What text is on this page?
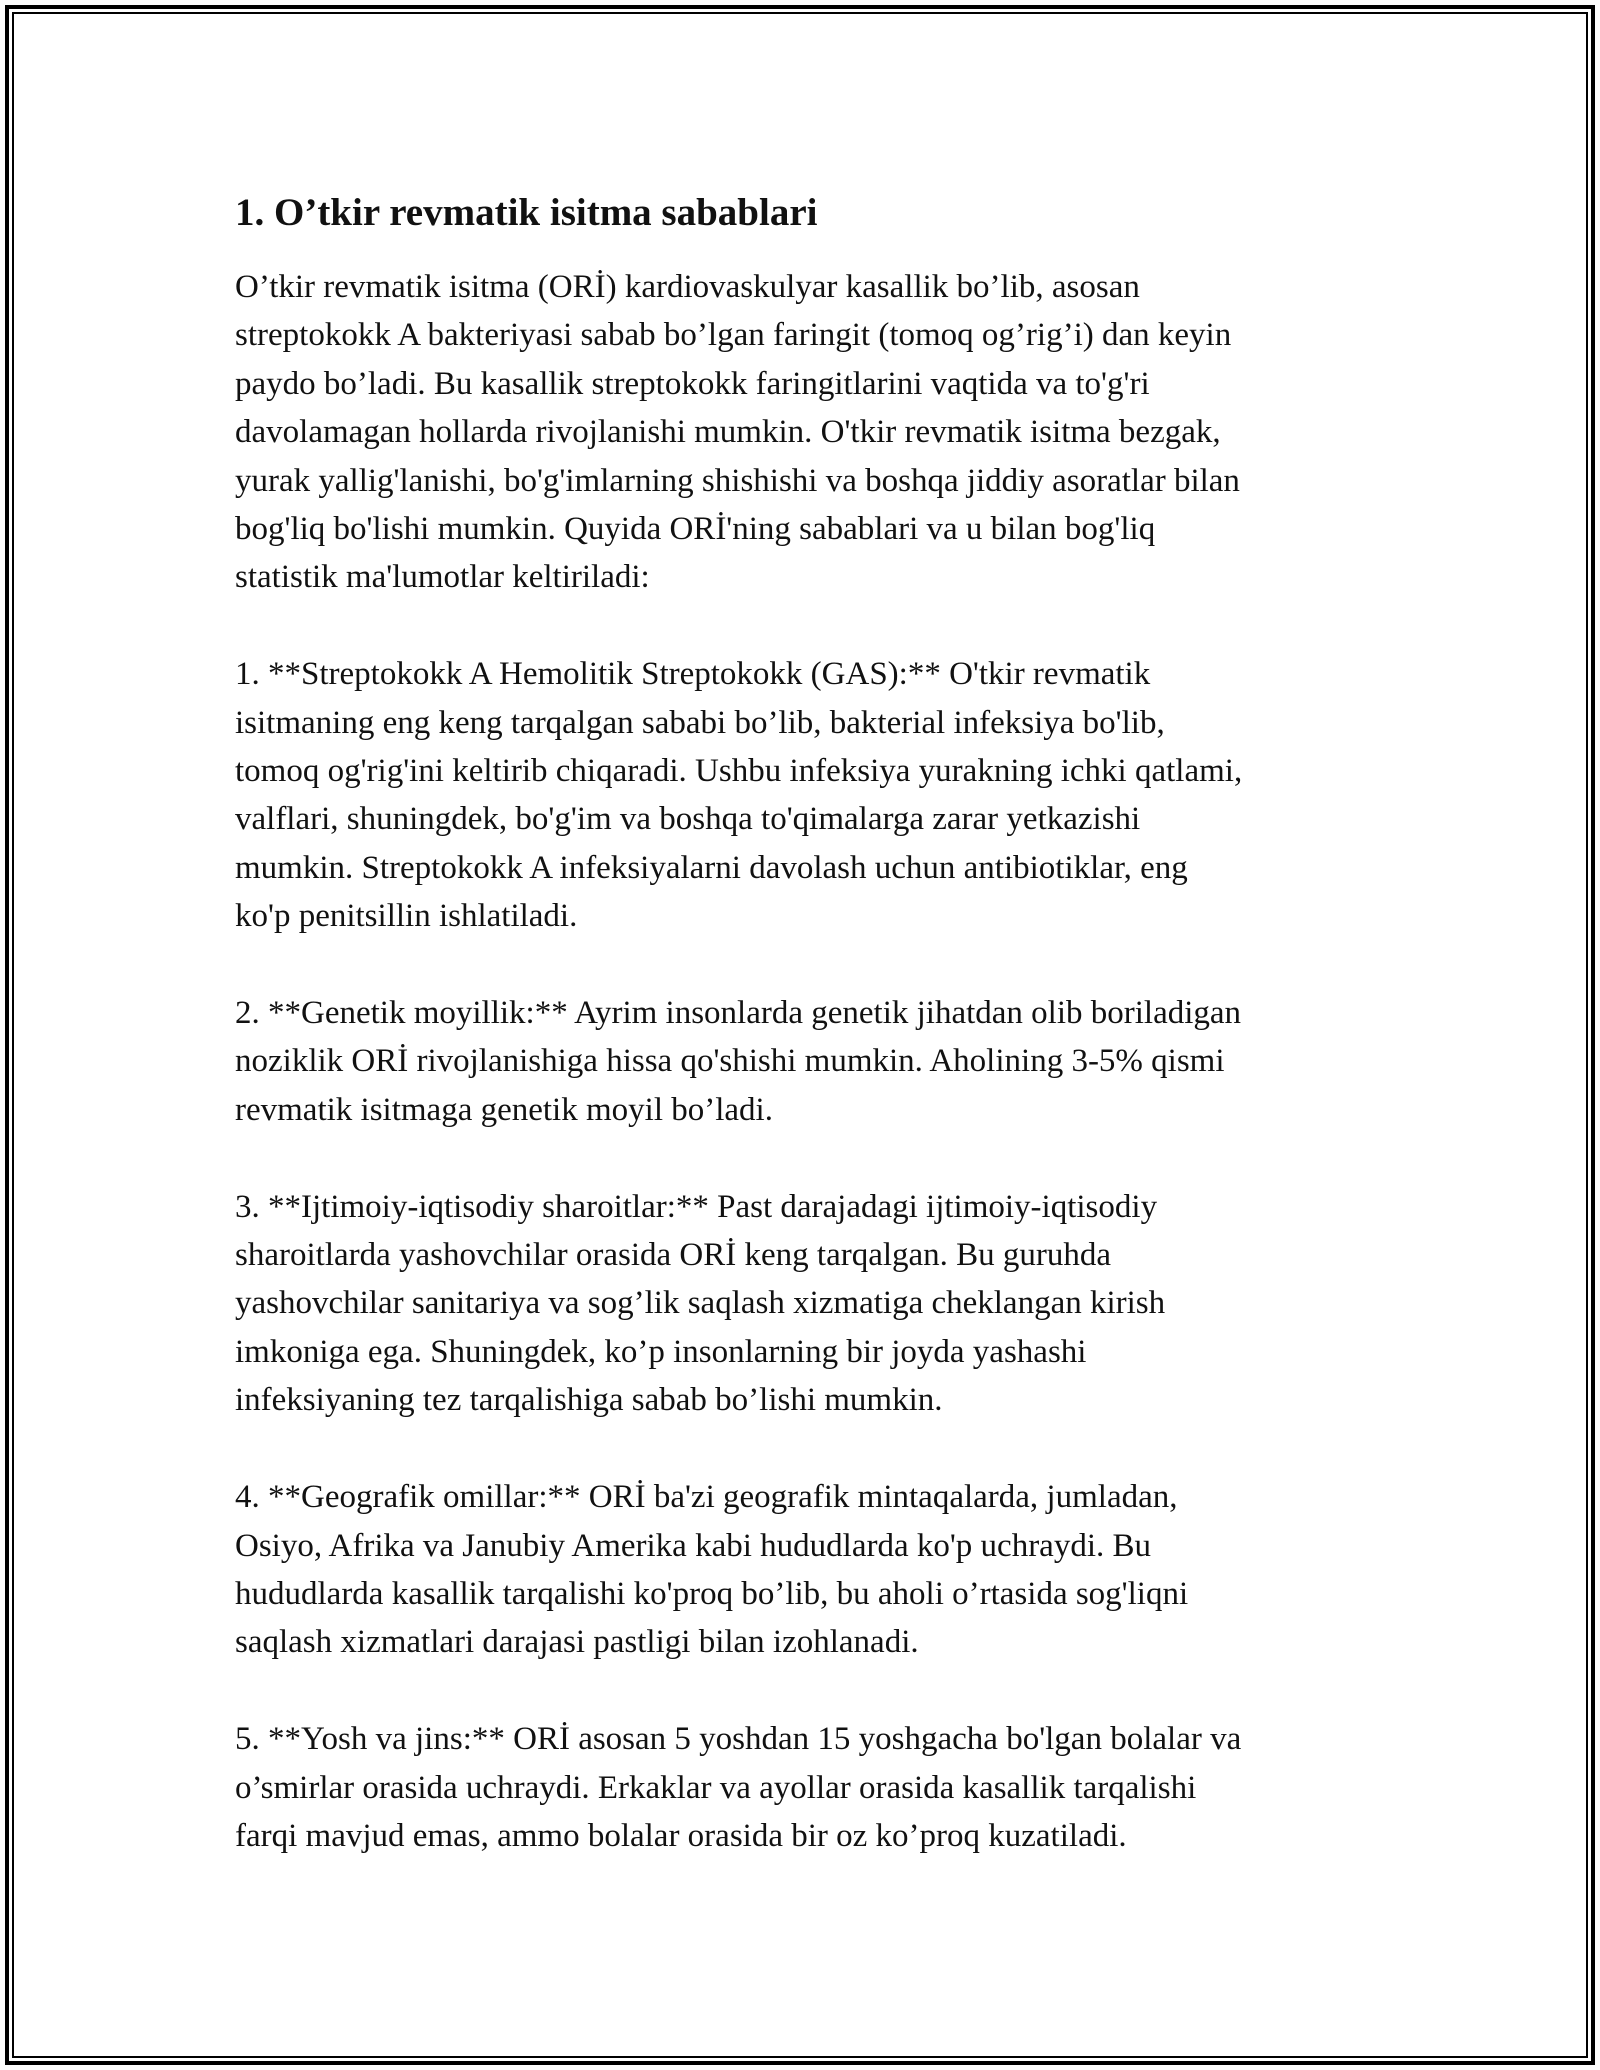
1. O’tkir revmatik isitma sabablari

O’tkir revmatik isitma (ORİ) kardiovaskulyar kasallik bo’lib, asosan

streptokokk A bakteriyasi sabab bo’lgan faringit (tomoq og’rig’i) dan keyin

paydo bo’ladi. Bu kasallik streptokokk faringitlarini vaqtida va to'g'ri

davolamagan hollarda rivojlanishi mumkin. O'tkir revmatik isitma bezgak,

yurak yallig'lanishi, bo'g'imlarning shishishi va boshqa jiddiy asoratlar bilan

bog'liq bo'lishi mumkin. Quyida ORİ'ning sabablari va u bilan bog'liq

statistik ma'lumotlar keltiriladi:

1. **Streptokokk A Hemolitik Streptokokk (GAS):** O'tkir revmatik

isitmaning eng keng tarqalgan sababi bo’lib, bakterial infeksiya bo'lib,

tomoq og'rig'ini keltirib chiqaradi. Ushbu infeksiya yurakning ichki qatlami,

valflari, shuningdek, bo'g'im va boshqa to'qimalarga zarar yetkazishi

mumkin. Streptokokk A infeksiyalarni davolash uchun antibiotiklar, eng

ko'p penitsillin ishlatiladi.

2. **Genetik moyillik:** Ayrim insonlarda genetik jihatdan olib boriladigan

noziklik ORİ rivojlanishiga hissa qo'shishi mumkin. Aholining 3-5% qismi

revmatik isitmaga genetik moyil bo’ladi.

3. **Ijtimoiy-iqtisodiy sharoitlar:** Past darajadagi ijtimoiy-iqtisodiy

sharoitlarda yashovchilar orasida ORİ keng tarqalgan. Bu guruhda

yashovchilar sanitariya va sog’lik saqlash xizmatiga cheklangan kirish

imkoniga ega. Shuningdek, ko’p insonlarning bir joyda yashashi

infeksiyaning tez tarqalishiga sabab bo’lishi mumkin.

4. **Geografik omillar:** ORİ ba'zi geografik mintaqalarda, jumladan,

Osiyo, Afrika va Janubiy Amerika kabi hududlarda ko'p uchraydi. Bu

hududlarda kasallik tarqalishi ko'proq bo’lib, bu aholi o’rtasida sog'liqni

saqlash xizmatlari darajasi pastligi bilan izohlanadi.

5. **Yosh va jins:** ORİ asosan 5 yoshdan 15 yoshgacha bo'lgan bolalar va

o’smirlar orasida uchraydi. Erkaklar va ayollar orasida kasallik tarqalishi

farqi mavjud emas, ammo bolalar orasida bir oz ko’proq kuzatiladi.
